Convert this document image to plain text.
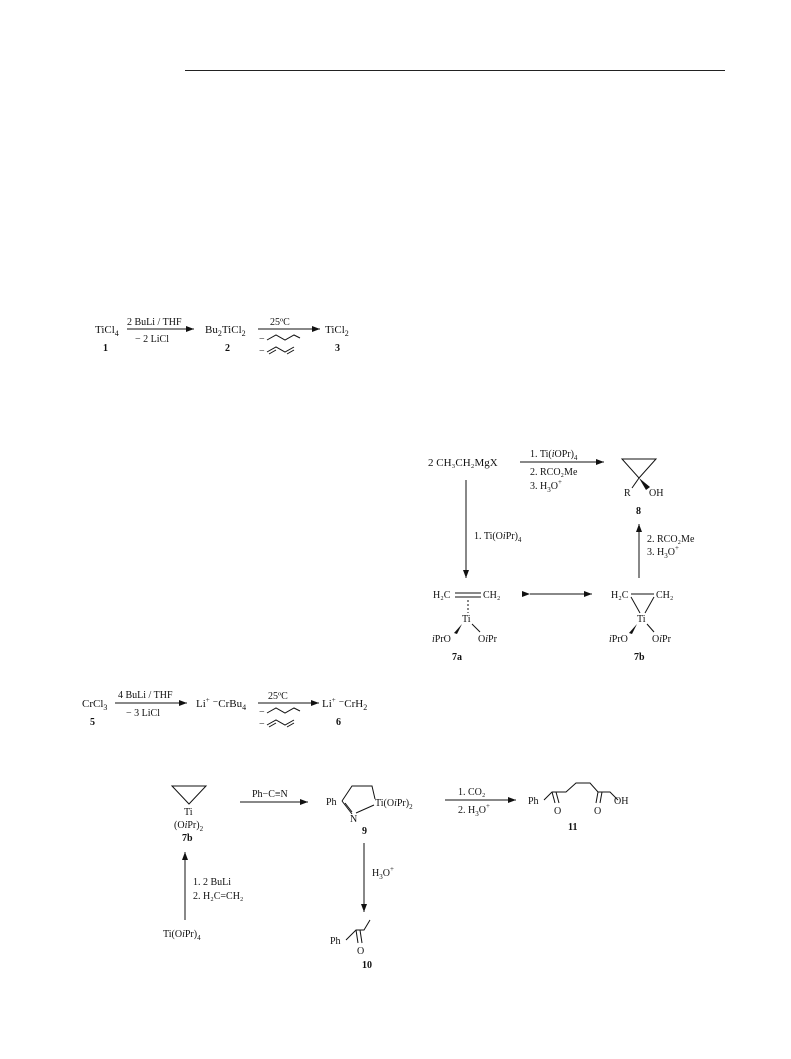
TiCl$_4$
1
2 BuLi / THF
− 2 LiCl
$Bu_2TiCl_2$
2
25ºC
−
−
TiCl$_2$
3
2 CH₃CH₂MgX
1. $Ti(iOPr)_4$
2. RCO₂Me
3. $H_3O^+$
R OH
8
1. $Ti(OiPr)_4$	2. RCO₂Me
3. $H_3O^+$
H₂C	CH₂
Ti
iPrO	OiPr
7a
H₂C	CH₂
Ti
iPrO OiPr
7b
CrCl$_3$
5
4 BuLi / THF
− 3 LiCl
Li+ ⁻CrBu$_4$
25ºC
−
−
Li+ ⁻CrH$_2$
6
Ti
$(OiPr)_2$
7b
Ph−C≡N
Ph
N
$Ti(OiPr)_2$
9
1. CO₂
2. $H_3O^+$	Ph
O	O
OH
11
$H_3O^+$
Ph
O
10
1. 2 BuLi
2. H₂C=CH₂
$Ti(OiPr)_4$
